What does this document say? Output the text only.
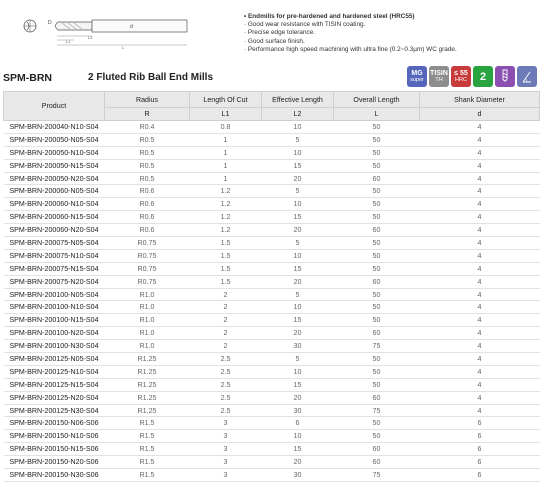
D
d
L2
L1
L
• Endmills for pre-hardened and hardened steel (HRC55)
· Good wear resistance with TISIN coating.
· Precise edge tolerance.
· Good surface finish.
· Performance high speed machining with ultra fine (0.2~0.3µm) WC grade.
SPM-BRN	2 Fluted Rib Ball End Mills	MG
super
TISIN
TH
≤ 55
HRC 2
Product	Radius	Length Of Cut	Effective Length	Overall Length	Shank Diameter
	R	L1	L2	L	d
SPM-BRN-200040-N10-S04	R0.4	0.8	10	50	4
SPM-BRN-200050-N05-S04	R0.5	1	5	50	4
SPM-BRN-200050-N10-S04	R0.5	1	10	50	4
SPM-BRN-200050-N15-S04	R0.5	1	15	50	4
SPM-BRN-200050-N20-S04	R0.5	1	20	60	4
SPM-BRN-200060-N05-S04	R0.6	1.2	5	50	4
SPM-BRN-200060-N10-S04	R0.6	1.2	10	50	4
SPM-BRN-200060-N15-S04	R0.6	1.2	15	50	4
SPM-BRN-200060-N20-S04	R0.6	1.2	20	60	4
SPM-BRN-200075-N05-S04	R0.75	1.5	5	50	4
SPM-BRN-200075-N10-S04	R0.75	1.5	10	50	4
SPM-BRN-200075-N15-S04	R0.75	1.5	15	50	4
SPM-BRN-200075-N20-S04	R0.75	1.5	20	60	4
SPM-BRN-200100-N05-S04	R1.0	2	5	50	4
SPM-BRN-200100-N10-S04	R1.0	2	10	50	4
SPM-BRN-200100-N15-S04	R1.0	2	15	50	4
SPM-BRN-200100-N20-S04	R1.0	2	20	60	4
SPM-BRN-200100-N30-S04	R1.0	2	30	75	4
SPM-BRN-200125-N05-S04	R1.25	2.5	5	50	4
SPM-BRN-200125-N10-S04	R1.25	2.5	10	50	4
SPM-BRN-200125-N15-S04	R1.25	2.5	15	50	4
SPM-BRN-200125-N20-S04	R1.25	2.5	20	60	4
SPM-BRN-200125-N30-S04	R1.25	2.5	30	75	4
SPM-BRN-200150-N06-S06	R1.5	3	6	50	6
SPM-BRN-200150-N10-S06	R1.5	3	10	50	6
SPM-BRN-200150-N15-S06	R1.5	3	15	60	6
SPM-BRN-200150-N20-S06	R1.5	3	20	60	6
SPM-BRN-200150-N30-S06	R1.5	3	30	75	6
